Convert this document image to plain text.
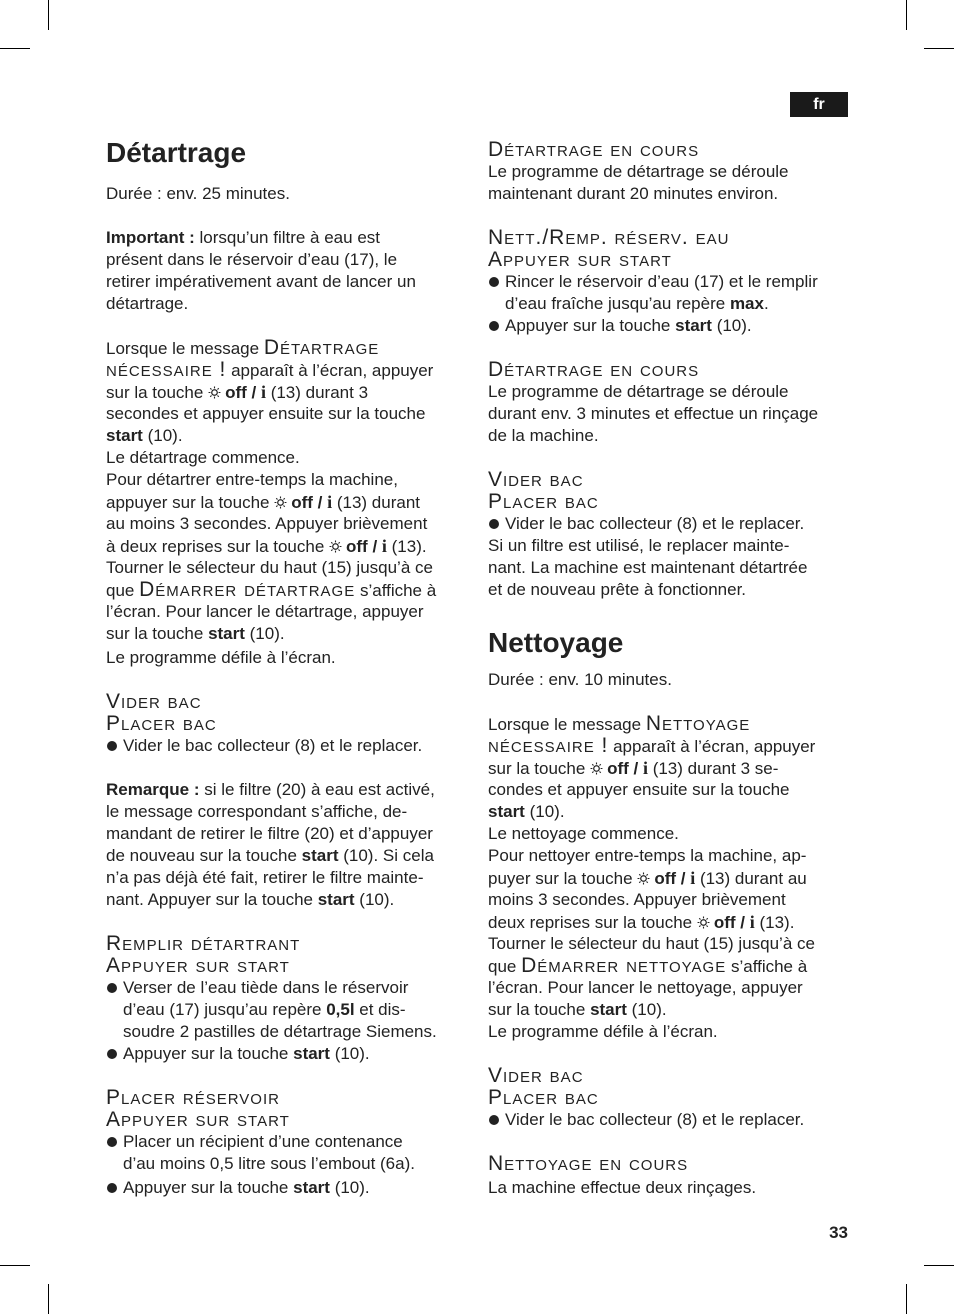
fr
33
Détartrage
Durée : env. 25 minutes.
Important : lorsqu’un filtre à eau est
présent dans le réservoir d’eau (17), le
retirer impérativement avant de lancer un
détartrage.
Lorsque le message Détartrage
nécessaire ! apparaît à l’écran, appuyer
sur la touche off / i (13) durant 3
secondes et appuyer ensuite sur la touche
start (10).
Le détartrage commence.
Pour détartrer entre-temps la machine,
appuyer sur la touche off / i (13) durant
au moins 3 secondes. Appuyer brièvement
à deux reprises sur la touche off / i (13).
Tourner le sélecteur du haut (15) jusqu’à ce
que Démarrer détartrage s’affiche à
l’écran. Pour lancer le détartrage, appuyer
sur la touche start (10).
Le programme défile à l’écran.
Vider bac
Placer bac
Vider le bac collecteur (8) et le replacer.
Remarque : si le filtre (20) à eau est activé,
le message correspondant s’affiche, de-
mandant de retirer le filtre (20) et d’appuyer
de nouveau sur la touche start (10). Si cela
n’a pas déjà été fait, retirer le filtre mainte-
nant. Appuyer sur la touche start (10).
Remplir détartrant
Appuyer sur start
Verser de l’eau tiède dans le réservoir
d’eau (17) jusqu’au repère 0,5l et dis-
soudre 2 pastilles de détartrage Siemens.
Appuyer sur la touche start (10).
Placer réservoir
Appuyer sur start
Placer un récipient d’une contenance
d’au moins 0,5 litre sous l’embout (6a).
Appuyer sur la touche start (10).
Détartrage en cours
Le programme de détartrage se déroule
maintenant durant 20 minutes environ.
Nett./Remp. réserv. eau
Appuyer sur start
Rincer le réservoir d’eau (17) et le remplir
d’eau fraîche jusqu’au repère max.
Appuyer sur la touche start (10).
Détartrage en cours
Le programme de détartrage se déroule
durant env. 3 minutes et effectue un rinçage
de la machine.
Vider bac
Placer bac
Vider le bac collecteur (8) et le replacer.
Si un filtre est utilisé, le replacer mainte-
nant. La machine est maintenant détartrée
et de nouveau prête à fonctionner.
Nettoyage
Durée : env. 10 minutes.
Lorsque le message Nettoyage
nécessaire ! apparaît à l’écran, appuyer
sur la touche off / i (13) durant 3 se-
condes et appuyer ensuite sur la touche
start (10).
Le nettoyage commence.
Pour nettoyer entre-temps la machine, ap-
puyer sur la touche off / i (13) durant au
moins 3 secondes. Appuyer brièvement
deux reprises sur la touche off / i (13).
Tourner le sélecteur du haut (15) jusqu’à ce
que Démarrer nettoyage s’affiche à
l’écran. Pour lancer le nettoyage, appuyer
sur la touche start (10).
Le programme défile à l’écran.
Vider bac
Placer bac
Vider le bac collecteur (8) et le replacer.
Nettoyage en cours
La machine effectue deux rinçages.
